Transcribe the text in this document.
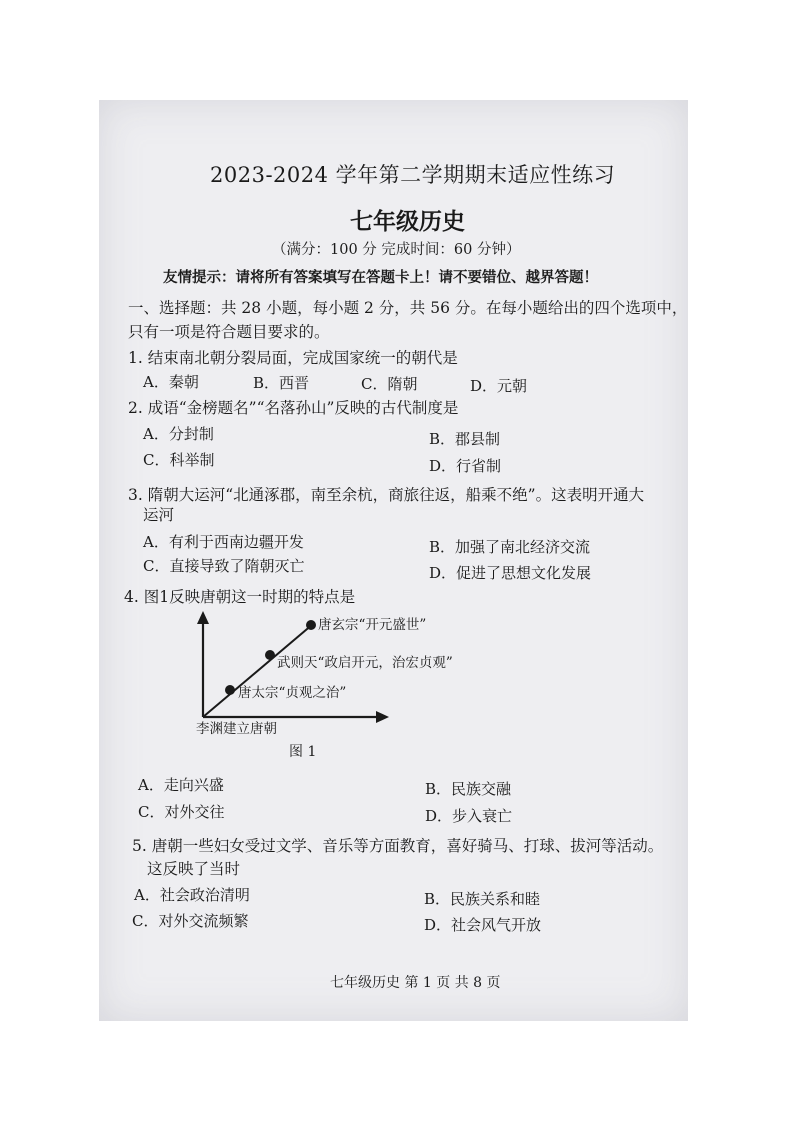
2023-2024 学年第二学期期末适应性练习
七年级历史
（满分：100 分 完成时间：60 分钟）
友情提示：请将所有答案填写在答题卡上！请不要错位、越界答题！
一、选择题：共 28 小题，每小题 2 分，共 56 分。在每小题给出的四个选项中，
只有一项是符合题目要求的。
1. 结束南北朝分裂局面，完成国家统一的朝代是
A．秦朝	B．西晋	C．隋朝	D．元朝
2. 成语“金榜题名”“名落孙山”反映的古代制度是
A．分封制	B．郡县制
C．科举制	D．行省制
3. 隋朝大运河“北通涿郡，南至余杭，商旅往返，船乘不绝”。这表明开通大
运河
A．有利于西南边疆开发	B．加强了南北经济交流
C．直接导致了隋朝灭亡	D．促进了思想文化发展
4. 图1反映唐朝这一时期的特点是
唐玄宗“开元盛世”
武则天“政启开元，治宏贞观”
唐太宗“贞观之治”
李渊建立唐朝
图 1
A．走向兴盛	B．民族交融
C．对外交往	D．步入衰亡
5. 唐朝一些妇女受过文学、音乐等方面教育，喜好骑马、打球、拔河等活动。
这反映了当时
A．社会政治清明	B．民族关系和睦
C．对外交流频繁	D．社会风气开放
七年级历史 第 1 页 共 8 页
